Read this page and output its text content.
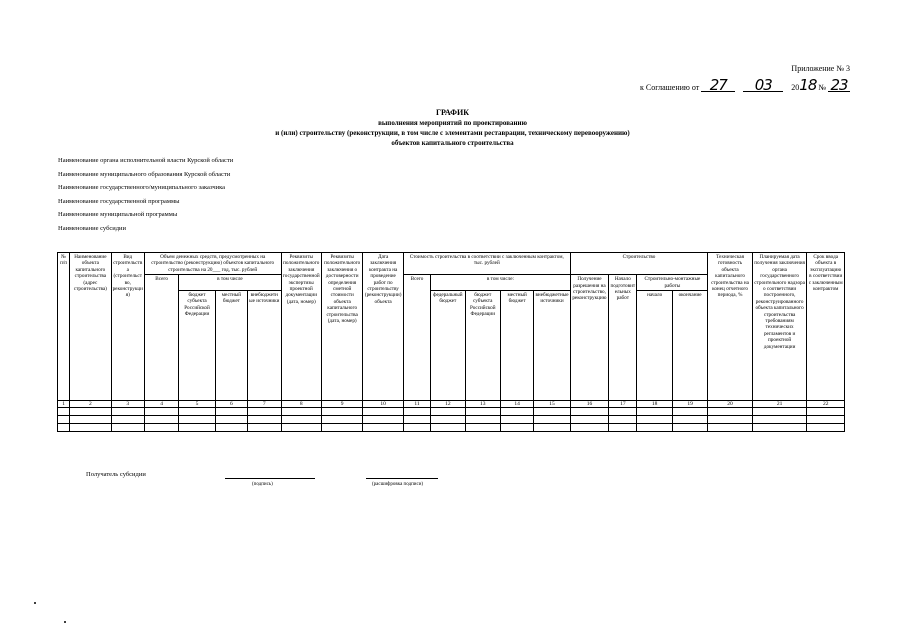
Приложение № 3
к Соглашению от 27 03 2018 № 23
ГРАФИК
выполнения мероприятий по проектированию
и (или) строительству (реконструкции, в том числе с элементами реставрации, техническому перевооружению)
объектов капитального строительства
Наименование органа исполнительной власти Курской области
Наименование муниципального образования Курской области
Наименование государственного/муниципального заказчика
Наименование государственной программы
Наименование муниципальной программы
Наименование субсидии
№ п/п	Наименование объекта капитального строительства (адрес строительства)	Вид строительства (строительство, реконструкция)	Объем денежных средств, предусмотренных на строительство (реконструкцию) объектов капитального строительства на 20___ год, тыс. рублей				Реквизиты положительного заключения государственной экспертизы проектной документации (дата, номер)	Реквизиты положительного заключения о достоверности определения сметной стоимости объекта капитального строительства (дата, номер)	Дата заключения контракта на проведение работ по строительству (реконструкции) объекта	Стоимость строительства в соответствии с заключенным контрактом, тыс. рублей					Строительство				Техническая готовность объекта капитального строительства на конец отчетного периода, %	Планируемая дата получения заключения органа государственного строительного надзора о соответствии построенного, реконструированного объекта капитального строительства требованиям технических регламентов и проектной документации	Срок ввода объекта в эксплуатацию в соответствии с заключенным контрактом
			Всего	в том числе						Всего	в том числе:				Получение разрешения на строительство, реконструкцию	Начало подготовительных работ	Строительно-монтажные работы				
				бюджет субъекта Российской Федерации	местный бюджет	внебюджетные источники					федеральный бюджет	бюджет субъекта Российской Федерации	местный бюджет	внебюджетные источники			начало	окончание			
1	2	3	4	5	6	7	8	9	10	11	12	13	14	15	16	17	18	19	20	21	22

Получатель субсидии
(подпись)	(расшифровка подписи)
